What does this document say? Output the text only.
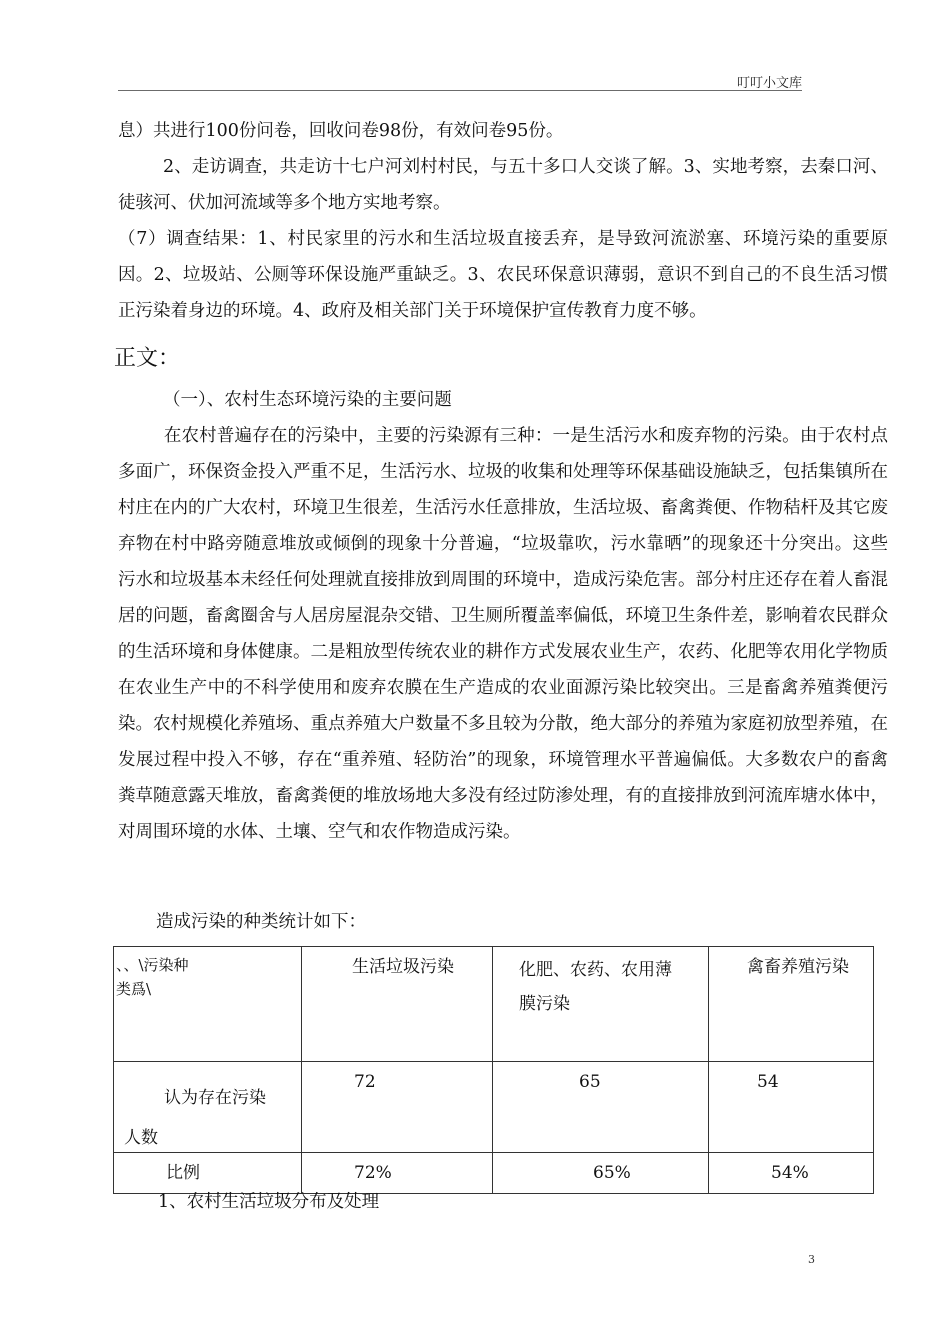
叮叮小文库

息）共进行100份问卷，回收问卷98份，有效问卷95份。

2、走访调查，共走访十七户河刘村村民，与五十多口人交谈了解。3、实地考察，去秦口河、徒骇河、伏加河流域等多个地方实地考察。

（7）调查结果：1、村民家里的污水和生活垃圾直接丢弃，是导致河流淤塞、环境污染的重要原因。2、垃圾站、公厕等环保设施严重缺乏。3、农民环保意识薄弱，意识不到自己的不良生活习惯正污染着身边的环境。4、政府及相关部门关于环境保护宣传教育力度不够。

正文：

（一）、农村生态环境污染的主要问题

在农村普遍存在的污染中，主要的污染源有三种：一是生活污水和废弃物的污染。由于农村点多面广，环保资金投入严重不足，生活污水、垃圾的收集和处理等环保基础设施缺乏，包括集镇所在村庄在内的广大农村，环境卫生很差，生活污水任意排放，生活垃圾、畜禽粪便、作物秸杆及其它废弃物在村中路旁随意堆放或倾倒的现象十分普遍，“垃圾靠吹，污水靠晒”的现象还十分突出。这些污水和垃圾基本未经任何处理就直接排放到周围的环境中，造成污染危害。部分村庄还存在着人畜混居的问题，畜禽圈舍与人居房屋混杂交错、卫生厕所覆盖率偏低，环境卫生条件差，影响着农民群众的生活环境和身体健康。二是粗放型传统农业的耕作方式发展农业生产，农药、化肥等农用化学物质在农业生产中的不科学使用和废弃农膜在生产造成的农业面源污染比较突出。三是畜禽养殖粪便污染。农村规模化养殖场、重点养殖大户数量不多且较为分散，绝大部分的养殖为家庭初放型养殖，在发展过程中投入不够，存在“重养殖、轻防治”的现象，环境管理水平普遍偏低。大多数农户的畜禽粪草随意露天堆放，畜禽粪便的堆放场地大多没有经过防渗处理，有的直接排放到河流库塘水体中，对周围环境的水体、土壤、空气和农作物造成污染。

造成污染的种类统计如下：

、、\污染种
类爲\	生活垃圾污染	化肥、农药、农用薄膜污染	禽畜养殖污染

认为存在污染
人数	72	65	54

比例	72%	65%	54%

1、农村生活垃圾分布及处理

3
